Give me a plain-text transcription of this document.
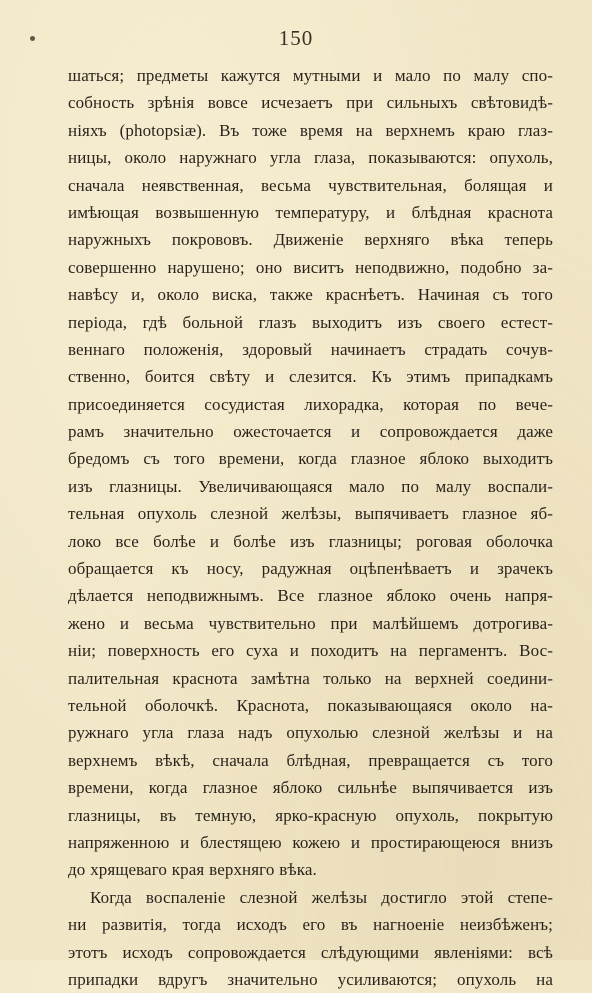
150
шаться; предметы кажутся мутными и мало по малу спо-
собность зрѣнія вовсе исчезаетъ при сильныхъ свѣтовидѣ-
ніяхъ (photopsiæ). Въ тоже время на верхнемъ краю глаз-
ницы, около наружнаго угла глаза, показываются: опухоль,
сначала неявственная, весьма чувствительная, болящая и
имѣющая возвышенную температуру, и блѣдная краснота
наружныхъ покрововъ. Движеніе верхняго вѣка теперь
совершенно нарушено; оно виситъ неподвижно, подобно за-
навѣсу и, около виска, также краснѣетъ. Начиная съ того
періода, гдѣ больной глазъ выходитъ изъ своего естест-
веннаго положенія, здоровый начинаетъ страдать сочув-
ственно, боится свѣту и слезится. Къ этимъ припадкамъ
присоединяется сосудистая лихорадка, которая по вече-
рамъ значительно ожесточается и сопровождается даже
бредомъ съ того времени, когда глазное яблоко выходитъ
изъ глазницы. Увеличивающаяся мало по малу воспали-
тельная опухоль слезной желѣзы, выпячиваетъ глазное яб-
локо все болѣе и болѣе изъ глазницы; роговая оболочка
обращается къ носу, радужная оцѣпенѣваетъ и зрачекъ
дѣлается неподвижнымъ. Все глазное яблоко очень напря-
жено и весьма чувствительно при малѣйшемъ дотрогива-
ніи; поверхность его суха и походитъ на пергаментъ. Вос-
палительная краснота замѣтна только на верхней соедини-
тельной оболочкѣ. Краснота, показывающаяся около на-
ружнаго угла глаза надъ опухолью слезной желѣзы и на
верхнемъ вѣкѣ, сначала блѣдная, превращается съ того
времени, когда глазное яблоко сильнѣе выпячивается изъ
глазницы, въ темную, ярко-красную опухоль, покрытую
напряженною и блестящею кожею и простирающеюся внизъ
до хрящеваго края верхняго вѣка.
Когда воспаленіе слезной желѣзы достигло этой степе-
ни развитія, тогда исходъ его въ нагноеніе неизбѣженъ;
этотъ исходъ сопровождается слѣдующими явленіями: всѣ
припадки вдругъ значительно усиливаются; опухоль на
